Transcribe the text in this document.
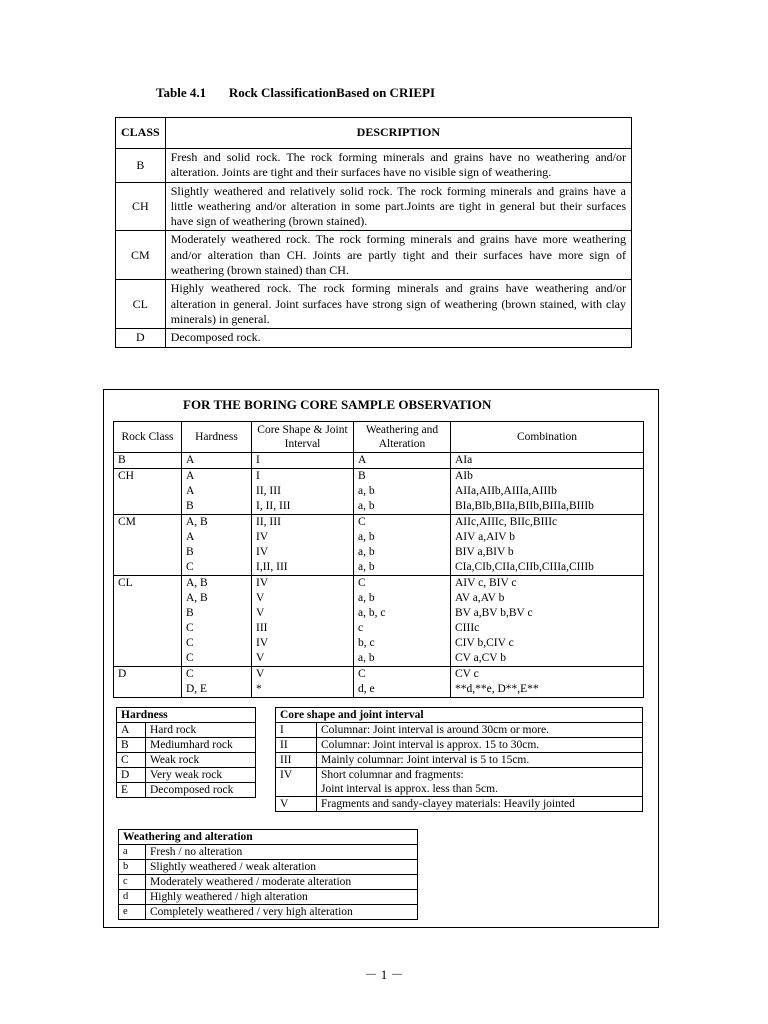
Table 4.1       Rock ClassificationBased on CRIEPI
CLASS	DESCRIPTION
B	Fresh and solid rock. The rock forming minerals and grains have no weathering and/or alteration. Joints are tight and their surfaces have no visible sign of weathering.
CH	Slightly weathered and relatively solid rock. The rock forming minerals and grains have a little weathering and/or alteration in some part.Joints are tight in general but their surfaces have sign of weathering (brown stained).
CM	Moderately weathered rock. The rock forming minerals and grains have more weathering and/or alteration than CH. Joints are partly tight and their surfaces have more sign of weathering (brown stained) than CH.
CL	Highly weathered rock. The rock forming minerals and grains have weathering and/or alteration in general. Joint surfaces have strong sign of weathering (brown stained, with clay minerals) in general.
D	Decomposed rock.
FOR THE BORING CORE SAMPLE OBSERVATION
Rock Class	Hardness	Core Shape & Joint Interval	Weathering and Alteration	Combination
B	A	I	A	AIa
CH	A	I	B	AIb
	A	II, III	a, b	AIIa,AIIb,AIIIa,AIIIb
	B	I, II, III	a, b	BIa,BIb,BIIa,BIIb,BIIIa,BIIIb
CM	A, B	II, III	C	AIIc,AIIIc, BIIc,BIIIc
	A	IV	a, b	AIV a,AIV b
	B	IV	a, b	BIV a,BIV b
	C	I,II, III	a, b	CIa,CIb,CIIa,CIIb,CIIIa,CIIIb
CL	A, B	IV	C	AIV c, BIV c
	A, B	V	a, b	AV a,AV b
	B	V	a, b, c	BV a,BV b,BV c
	C	III	c	CIIIc
	C	IV	b, c	CIV b,CIV c
	C	V	a, b	CV a,CV b
D	C	V	C	CV c
	D, E	*	d, e	**d,**e, D**,E**
Hardness	
A	Hard rock
B	Mediumhard rock
C	Weak rock
D	Very weak rock
E	Decomposed rock
Core shape and joint interval	
I	Columnar: Joint interval is around 30cm or more.
II	Columnar: Joint interval is approx. 15 to 30cm.
III	Mainly columnar: Joint interval is 5 to 15cm.
IV	Short columnar and fragments:
Joint interval is approx. less than 5cm.
V	Fragments and sandy-clayey materials: Heavily jointed
Weathering and alteration	
a	Fresh / no alteration
b	Slightly weathered / weak alteration
c	Moderately weathered / moderate alteration
d	Highly weathered / high alteration
e	Completely weathered / very high alteration
－ 1 －
